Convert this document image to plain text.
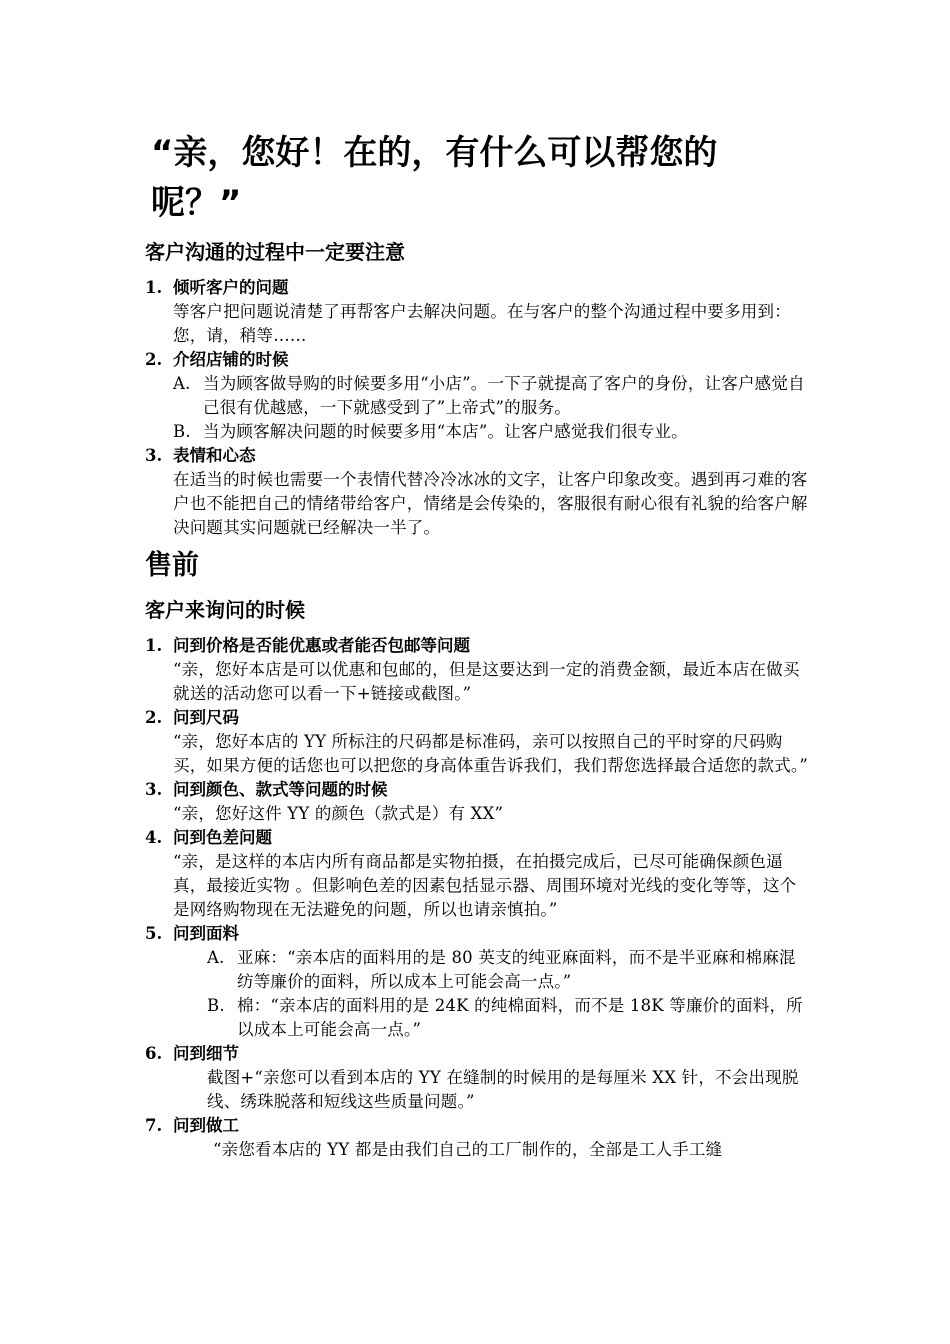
“亲，您好！在的，有什么可以帮您的呢？”
客户沟通的过程中一定要注意

1. 倾听客户的问题

等客户把问题说清楚了再帮客户去解决问题。在与客户的整个沟通过程中要多用到：您，请，稍等……

2. 介绍店铺的时候

A. 当为顾客做导购的时候要多用“小店”。一下子就提高了客户的身份，让客户感觉自己很有优越感，一下就感受到了”上帝式”的服务。

B. 当为顾客解决问题的时候要多用“本店”。让客户感觉我们很专业。

3. 表情和心态

在适当的时候也需要一个表情代替冷冷冰冰的文字，让客户印象改变。遇到再刁难的客户也不能把自己的情绪带给客户，情绪是会传染的，客服很有耐心很有礼貌的给客户解决问题其实问题就已经解决一半了。

售前
客户来询问的时候

1. 问到价格是否能优惠或者能否包邮等问题

“亲，您好本店是可以优惠和包邮的，但是这要达到一定的消费金额，最近本店在做买就送的活动您可以看一下+链接或截图。”

2. 问到尺码

“亲，您好本店的 YY 所标注的尺码都是标准码，亲可以按照自己的平时穿的尺码购买，如果方便的话您也可以把您的身高体重告诉我们，我们帮您选择最合适您的款式。”

3. 问到颜色、款式等问题的时候

“亲，您好这件 YY 的颜色（款式是）有 XX”

4. 问到色差问题

“亲，是这样的本店内所有商品都是实物拍摄，在拍摄完成后，已尽可能确保颜色逼真，最接近实物 。但影响色差的因素包括显示器、周围环境对光线的变化等等，这个是网络购物现在无法避免的问题，所以也请亲慎拍。”

5. 问到面料

A. 亚麻：“亲本店的面料用的是 80 英支的纯亚麻面料，而不是半亚麻和棉麻混纺等廉价的面料，所以成本上可能会高一点。”

B. 棉：“亲本店的面料用的是 24K 的纯棉面料，而不是 18K 等廉价的面料，所以成本上可能会高一点。”

6. 问到细节

截图+“亲您可以看到本店的 YY 在缝制的时候用的是每厘米 XX 针，不会出现脱线、绣珠脱落和短线这些质量问题。”

7. 问到做工

“亲您看本店的 YY 都是由我们自己的工厂制作的，全部是工人手工缝
